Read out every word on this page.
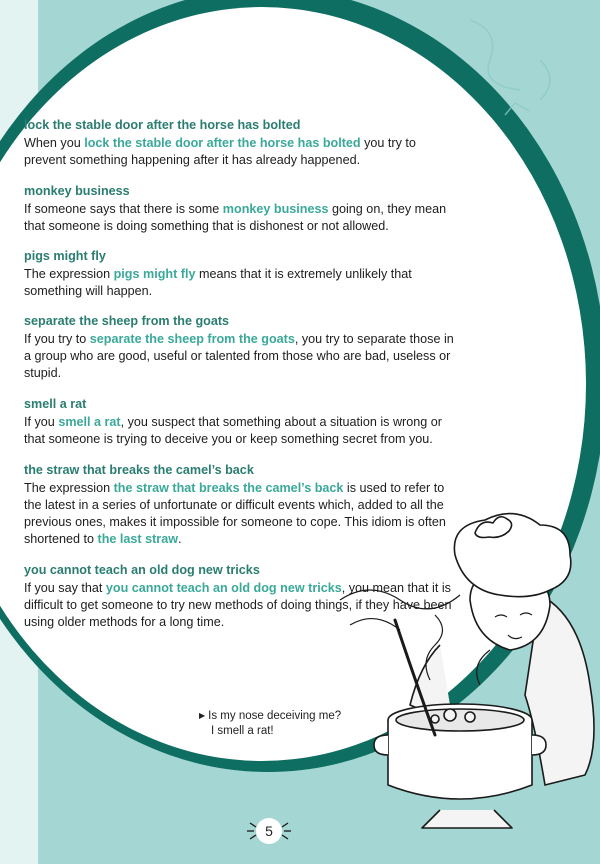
lock the stable door after the horse has bolted

When you lock the stable door after the horse has bolted you try to prevent something happening after it has already happened.

monkey business

If someone says that there is some monkey business going on, they mean that someone is doing something that is dishonest or not allowed.

pigs might fly

The expression pigs might fly means that it is extremely unlikely that something will happen.

separate the sheep from the goats

If you try to separate the sheep from the goats, you try to separate those in a group who are good, useful or talented from those who are bad, useless or stupid.

smell a rat

If you smell a rat, you suspect that something about a situation is wrong or that someone is trying to deceive you or keep something secret from you.

the straw that breaks the camel’s back

The expression the straw that breaks the camel’s back is used to refer to the latest in a series of unfortunate or difficult events which, added to all the previous ones, makes it impossible for someone to cope. This idiom is often shortened to the last straw.

you cannot teach an old dog new tricks

If you say that you cannot teach an old dog new tricks, you mean that it is difficult to get someone to try new methods of doing things, if they have been using older methods for a long time.

▶ Is my nose deceiving me?
I smell a rat!
5
